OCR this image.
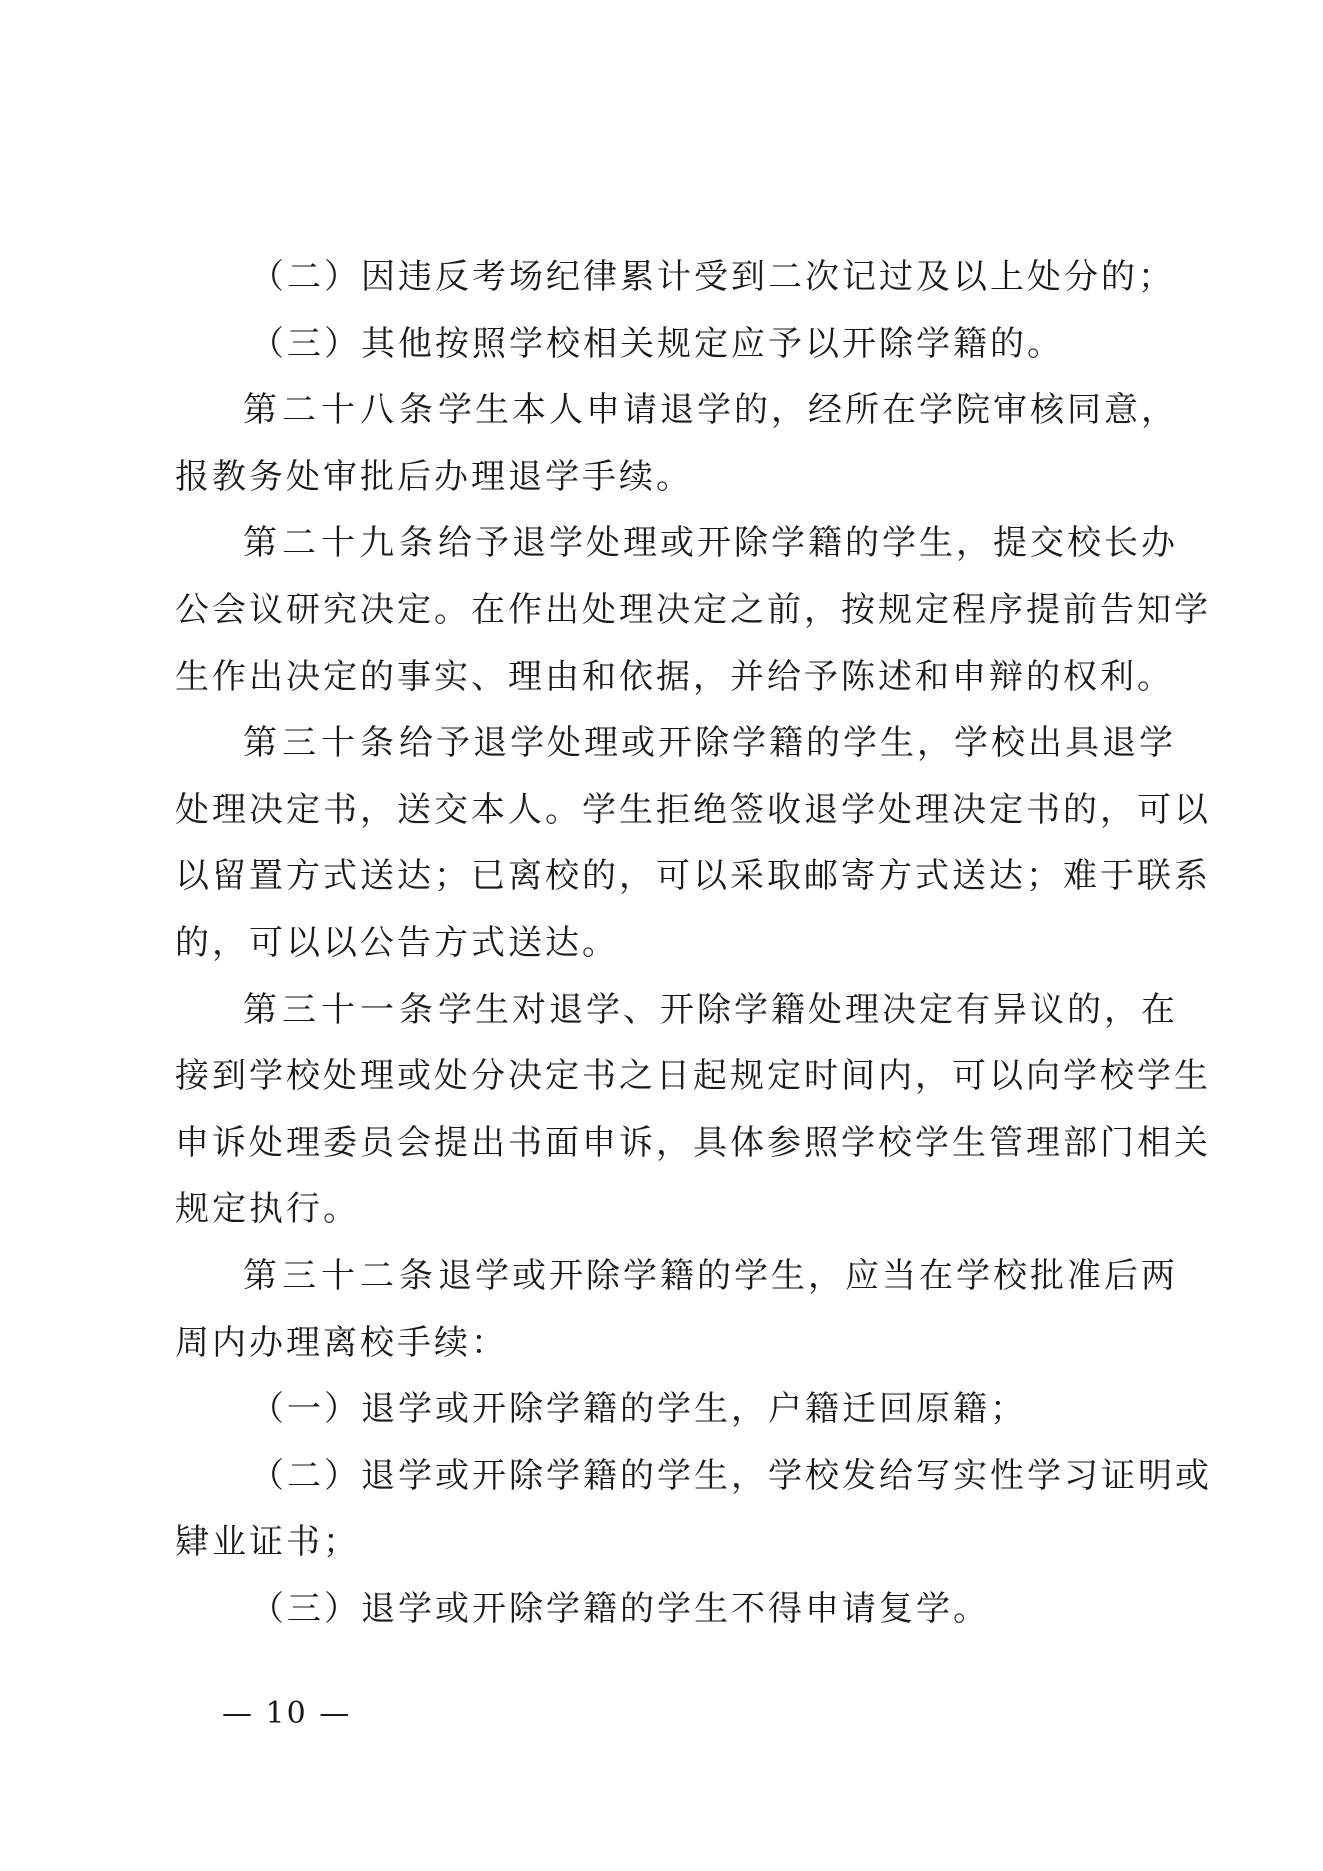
（二）因违反考场纪律累计受到二次记过及以上处分的；
（三）其他按照学校相关规定应予以开除学籍的。
第二十八条 学生本人申请退学的，经所在学院审核同意，
报教务处审批后办理退学手续。
第二十九条 给予退学处理或开除学籍的学生，提交校长办
公会议研究决定。在作出处理决定之前，按规定程序提前告知学
生作出决定的事实、理由和依据，并给予陈述和申辩的权利。
第三十条 给予退学处理或开除学籍的学生，学校出具退学
处理决定书，送交本人。学生拒绝签收退学处理决定书的，可以
以留置方式送达；已离校的，可以采取邮寄方式送达；难于联系
的，可以以公告方式送达。
第三十一条 学生对退学、开除学籍处理决定有异议的，在
接到学校处理或处分决定书之日起规定时间内，可以向学校学生
申诉处理委员会提出书面申诉，具体参照学校学生管理部门相关
规定执行。
第三十二条 退学或开除学籍的学生，应当在学校批准后两
周内办理离校手续：
（一）退学或开除学籍的学生，户籍迁回原籍；
（二）退学或开除学籍的学生，学校发给写实性学习证明或
肄业证书；
（三）退学或开除学籍的学生不得申请复学。
— 10 —
